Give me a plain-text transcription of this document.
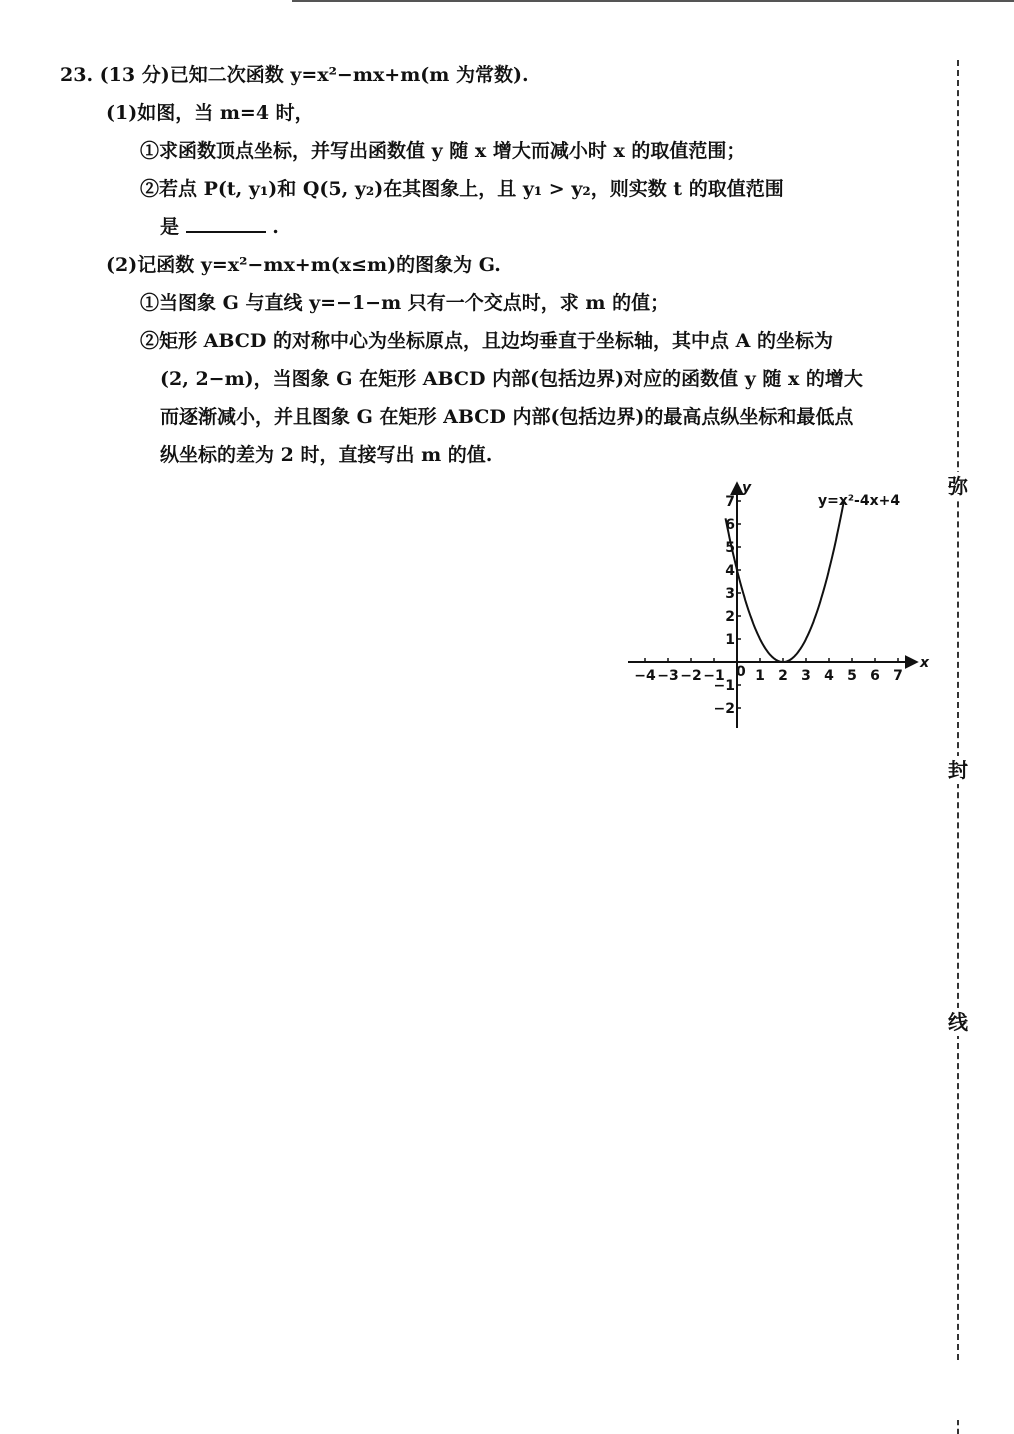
23. (13 分)已知二次函数 y=x²−mx+m(m 为常数).
(1)如图，当 m=4 时，
①求函数顶点坐标，并写出函数值 y 随 x 增大而减小时 x 的取值范围；
②若点 P(t, y₁)和 Q(5, y₂)在其图象上，且 y₁ > y₂，则实数 t 的取值范围
是	.
(2)记函数 y=x²−mx+m(x≤m)的图象为 G.
①当图象 G 与直线 y=−1−m 只有一个交点时，求 m 的值；
②矩形 ABCD 的对称中心为坐标原点，且边均垂直于坐标轴，其中点 A 的坐标为
(2, 2−m)，当图象 G 在矩形 ABCD 内部(包括边界)对应的函数值 y 随 x 的增大
而逐渐减小，并且图象 G 在矩形 ABCD 内部(包括边界)的最高点纵坐标和最低点
纵坐标的差为 2 时，直接写出 m 的值.
弥
封
线
x
y
0
−4 −3 −2 −1 1 2 3 4 5 6 7
7
6
5
4
3
2
1
−1
−2
y=x²-4x+4
